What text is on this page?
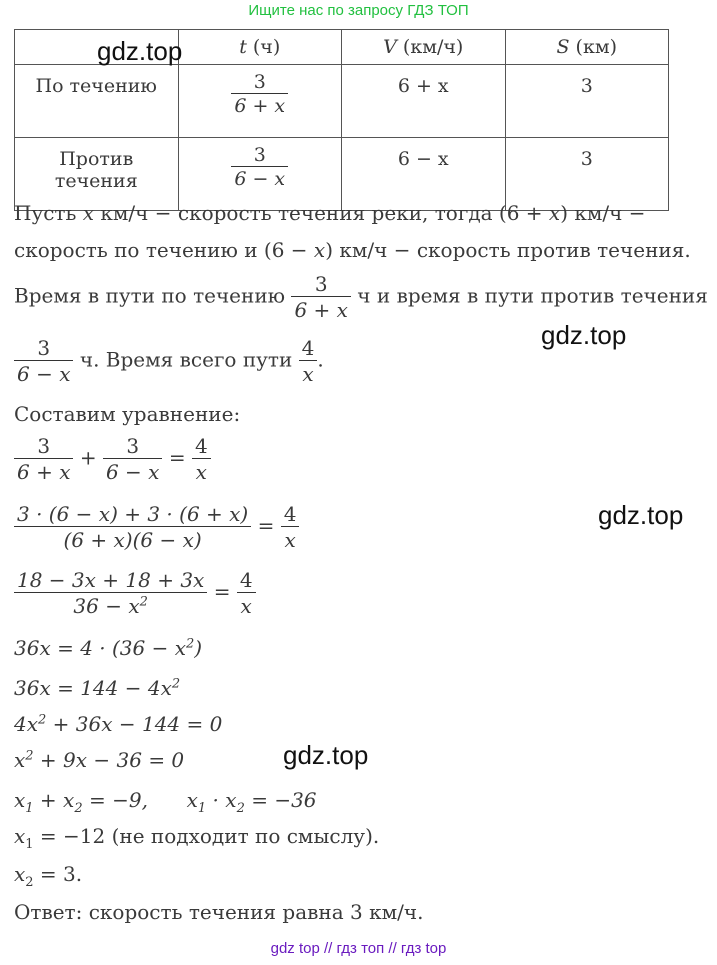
Ищите нас по запросу ГДЗ ТОП
	t (ч)	V (км/ч)	S (км)
По течению	$\frac{3}{6 + x}$	6 + x	3
Против течения	$\frac{3}{6 - x}$	6 − x	3
gdz.top
Пусть x км/ч − скорость течения реки, тогда (6 + x) км/ч −
скорость по течению и (6 − x) км/ч − скорость против течения.
Время в пути по течению $\frac{3}{6 + x}$ ч и время в пути против течения
gdz.top
$\frac{3}{6 - x} ч$. Время всего пути $\frac{4}{x}$ .
Составим уравнение:
$\frac{3}{6 + x} + \frac{3}{6 - x} = \frac{4}{x}$
gdz.top
$\frac{3 \cdot (6 - x) + 3 \cdot (6 + x)}{(6 + x)(6 - x)} = \frac{4}{x}$
$\frac{18 - 3x + 18 + 3x}{36 - x^2} = \frac{4}{x}$
$36x = 4 \cdot (36 - x^2)$
$36x = 144 - 4x^2$
$4x^2 + 36x - 144 = 0$
gdz.top
$x^2 + 9x - 36 = 0$
$x_1 + x_2 = -9$, $x_1 \cdot x_2 = -36$
$x_1 = -12$ (не подходит по смыслу).
$x_2 = 3$.
Ответ: скорость течения равна 3 км/ч.
gdz top // гдз топ // гдз top
